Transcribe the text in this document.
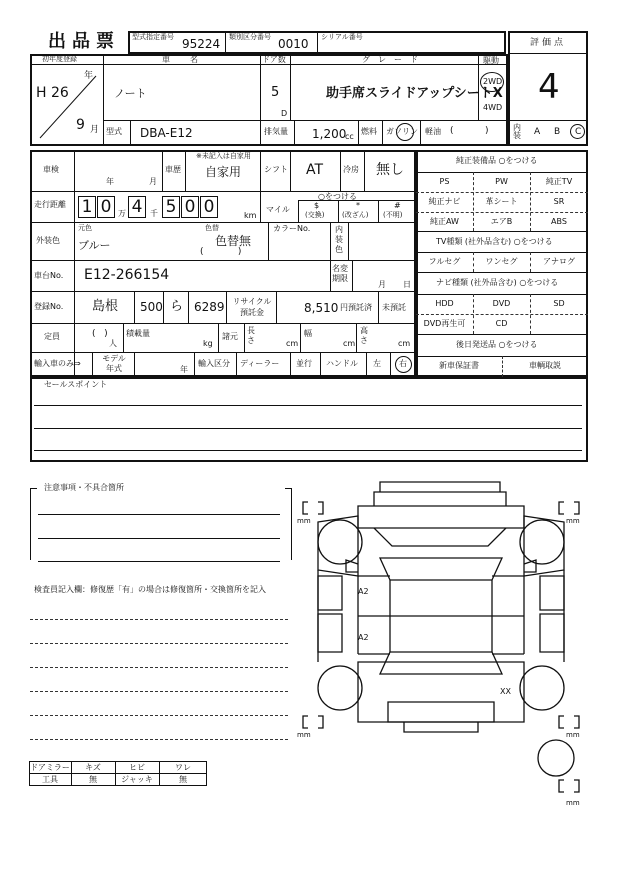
出品票 型式指定番号 95224 類別区分番号 0010 シリアル番号
評価点
4
内装 A B C
初年度登録
H 26
年
9 月
車名
ノート
ドア数
5
D
グレード
助手席スライドアップシートX
駆動
2WD
4WD
型式 DBA-E12	排気量 1,200
cc
燃料 ガソリン 軽油 (           )
車検
年	月
車歴
※未記入は自家用
自家用	シフト AT 冷房 無し
走行距離 1 0 万 4 千 5 0 0	km
マイル
○をつける
$
(交換)
*
(改ざん)
#
(不明)
外装色
元色
ブルー
色替
色替無
(            )
カラーNo.	内装色
車台No. E12-266154	名変期限
月 日
登録No. 島根 500 ら 6289	リサイクル預託金	8,510 円預託済 未預託
定員	(   )
人
積載量
kg
諸元
長さ	cm
幅
cm
高さ	cm
輸入車のみ⇒
モデル年式	年
輸入区分 ディーラー 並行 ハンドル 左 右
純正装備品 ○をつける
PS	PW	純正TV
純正ナビ	革シート	SR
純正AW	エアB	ABS
TV種類 (社外品含む) ○をつける
フルセグ	ワンセグ	アナログ
ナビ種類 (社外品含む) ○をつける
HDD	DVD	SD
DVD再生可	CD
後日発送品 ○をつける
新車保証書	車輌取説
セールスポイント
注意事項・不具合箇所
検査員記入欄：修復歴「有」の場合は修復箇所・交換箇所を記入
ドアミラー	キズ	ヒビ	ワレ
工具	無	ジャッキ	無
mm	mm
mm	mm
mm
A2
A2
XX
